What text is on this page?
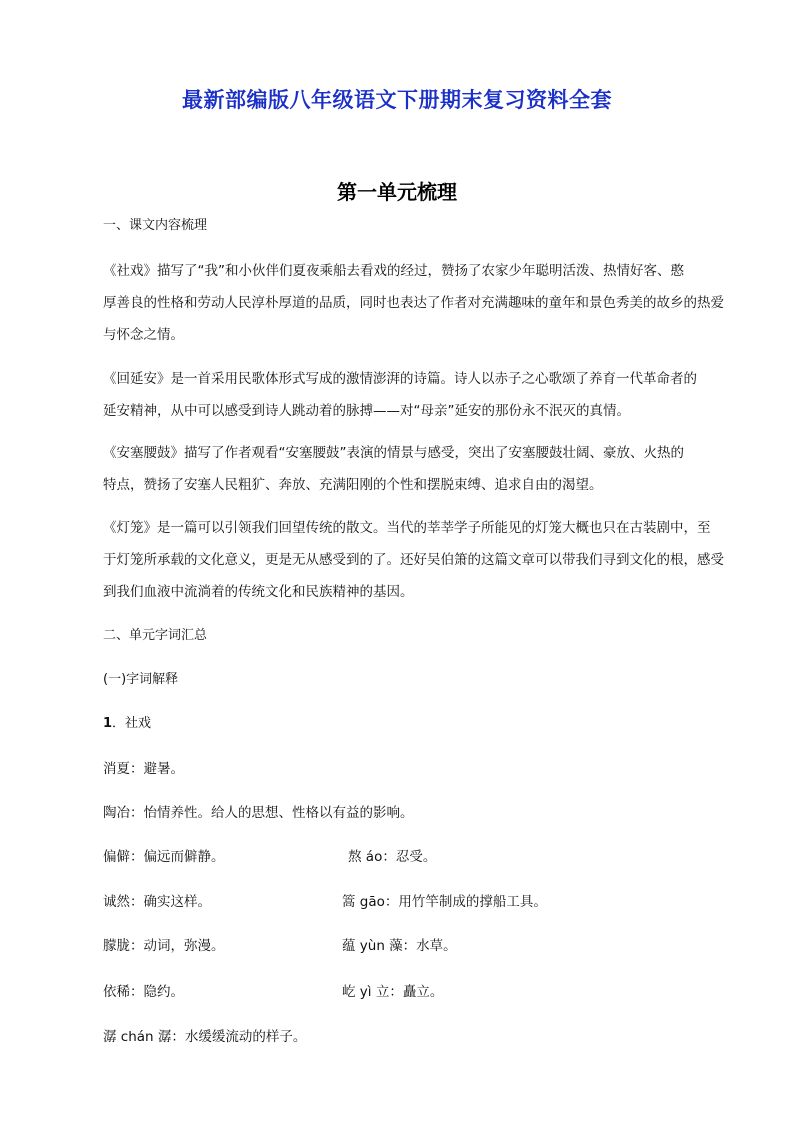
最新部编版八年级语文下册期末复习资料全套
第一单元梳理
一、课文内容梳理
《社戏》描写了“我”和小伙伴们夏夜乘船去看戏的经过，赞扬了农家少年聪明活泼、热情好客、憨
厚善良的性格和劳动人民淳朴厚道的品质，同时也表达了作者对充满趣味的童年和景色秀美的故乡的热爱
与怀念之情。
《回延安》是一首采用民歌体形式写成的激情澎湃的诗篇。诗人以赤子之心歌颂了养育一代革命者的
延安精神，从中可以感受到诗人跳动着的脉搏——对“母亲”延安的那份永不泯灭的真情。
《安塞腰鼓》描写了作者观看“安塞腰鼓”表演的情景与感受，突出了安塞腰鼓壮阔、豪放、火热的
特点，赞扬了安塞人民粗犷、奔放、充满阳刚的个性和摆脱束缚、追求自由的渴望。
《灯笼》是一篇可以引领我们回望传统的散文。当代的莘莘学子所能见的灯笼大概也只在古装剧中，至
于灯笼所承载的文化意义，更是无从感受到的了。还好吴伯箫的这篇文章可以带我们寻到文化的根，感受
到我们血液中流淌着的传统文化和民族精神的基因。
二、单元字词汇总
(一)字词解释
1．社戏
消夏：避暑。
陶冶：怡情养性。给人的思想、性格以有益的影响。
偏僻：偏远而僻静。	熬 áo：忍受。
诚然：确实这样。	篙 gāo：用竹竿制成的撑船工具。
朦胧：动词，弥漫。	蕴 yùn 藻：水草。
依稀：隐约。	屹 yì 立：矗立。
潺 chán 潺：水缓缓流动的样子。
